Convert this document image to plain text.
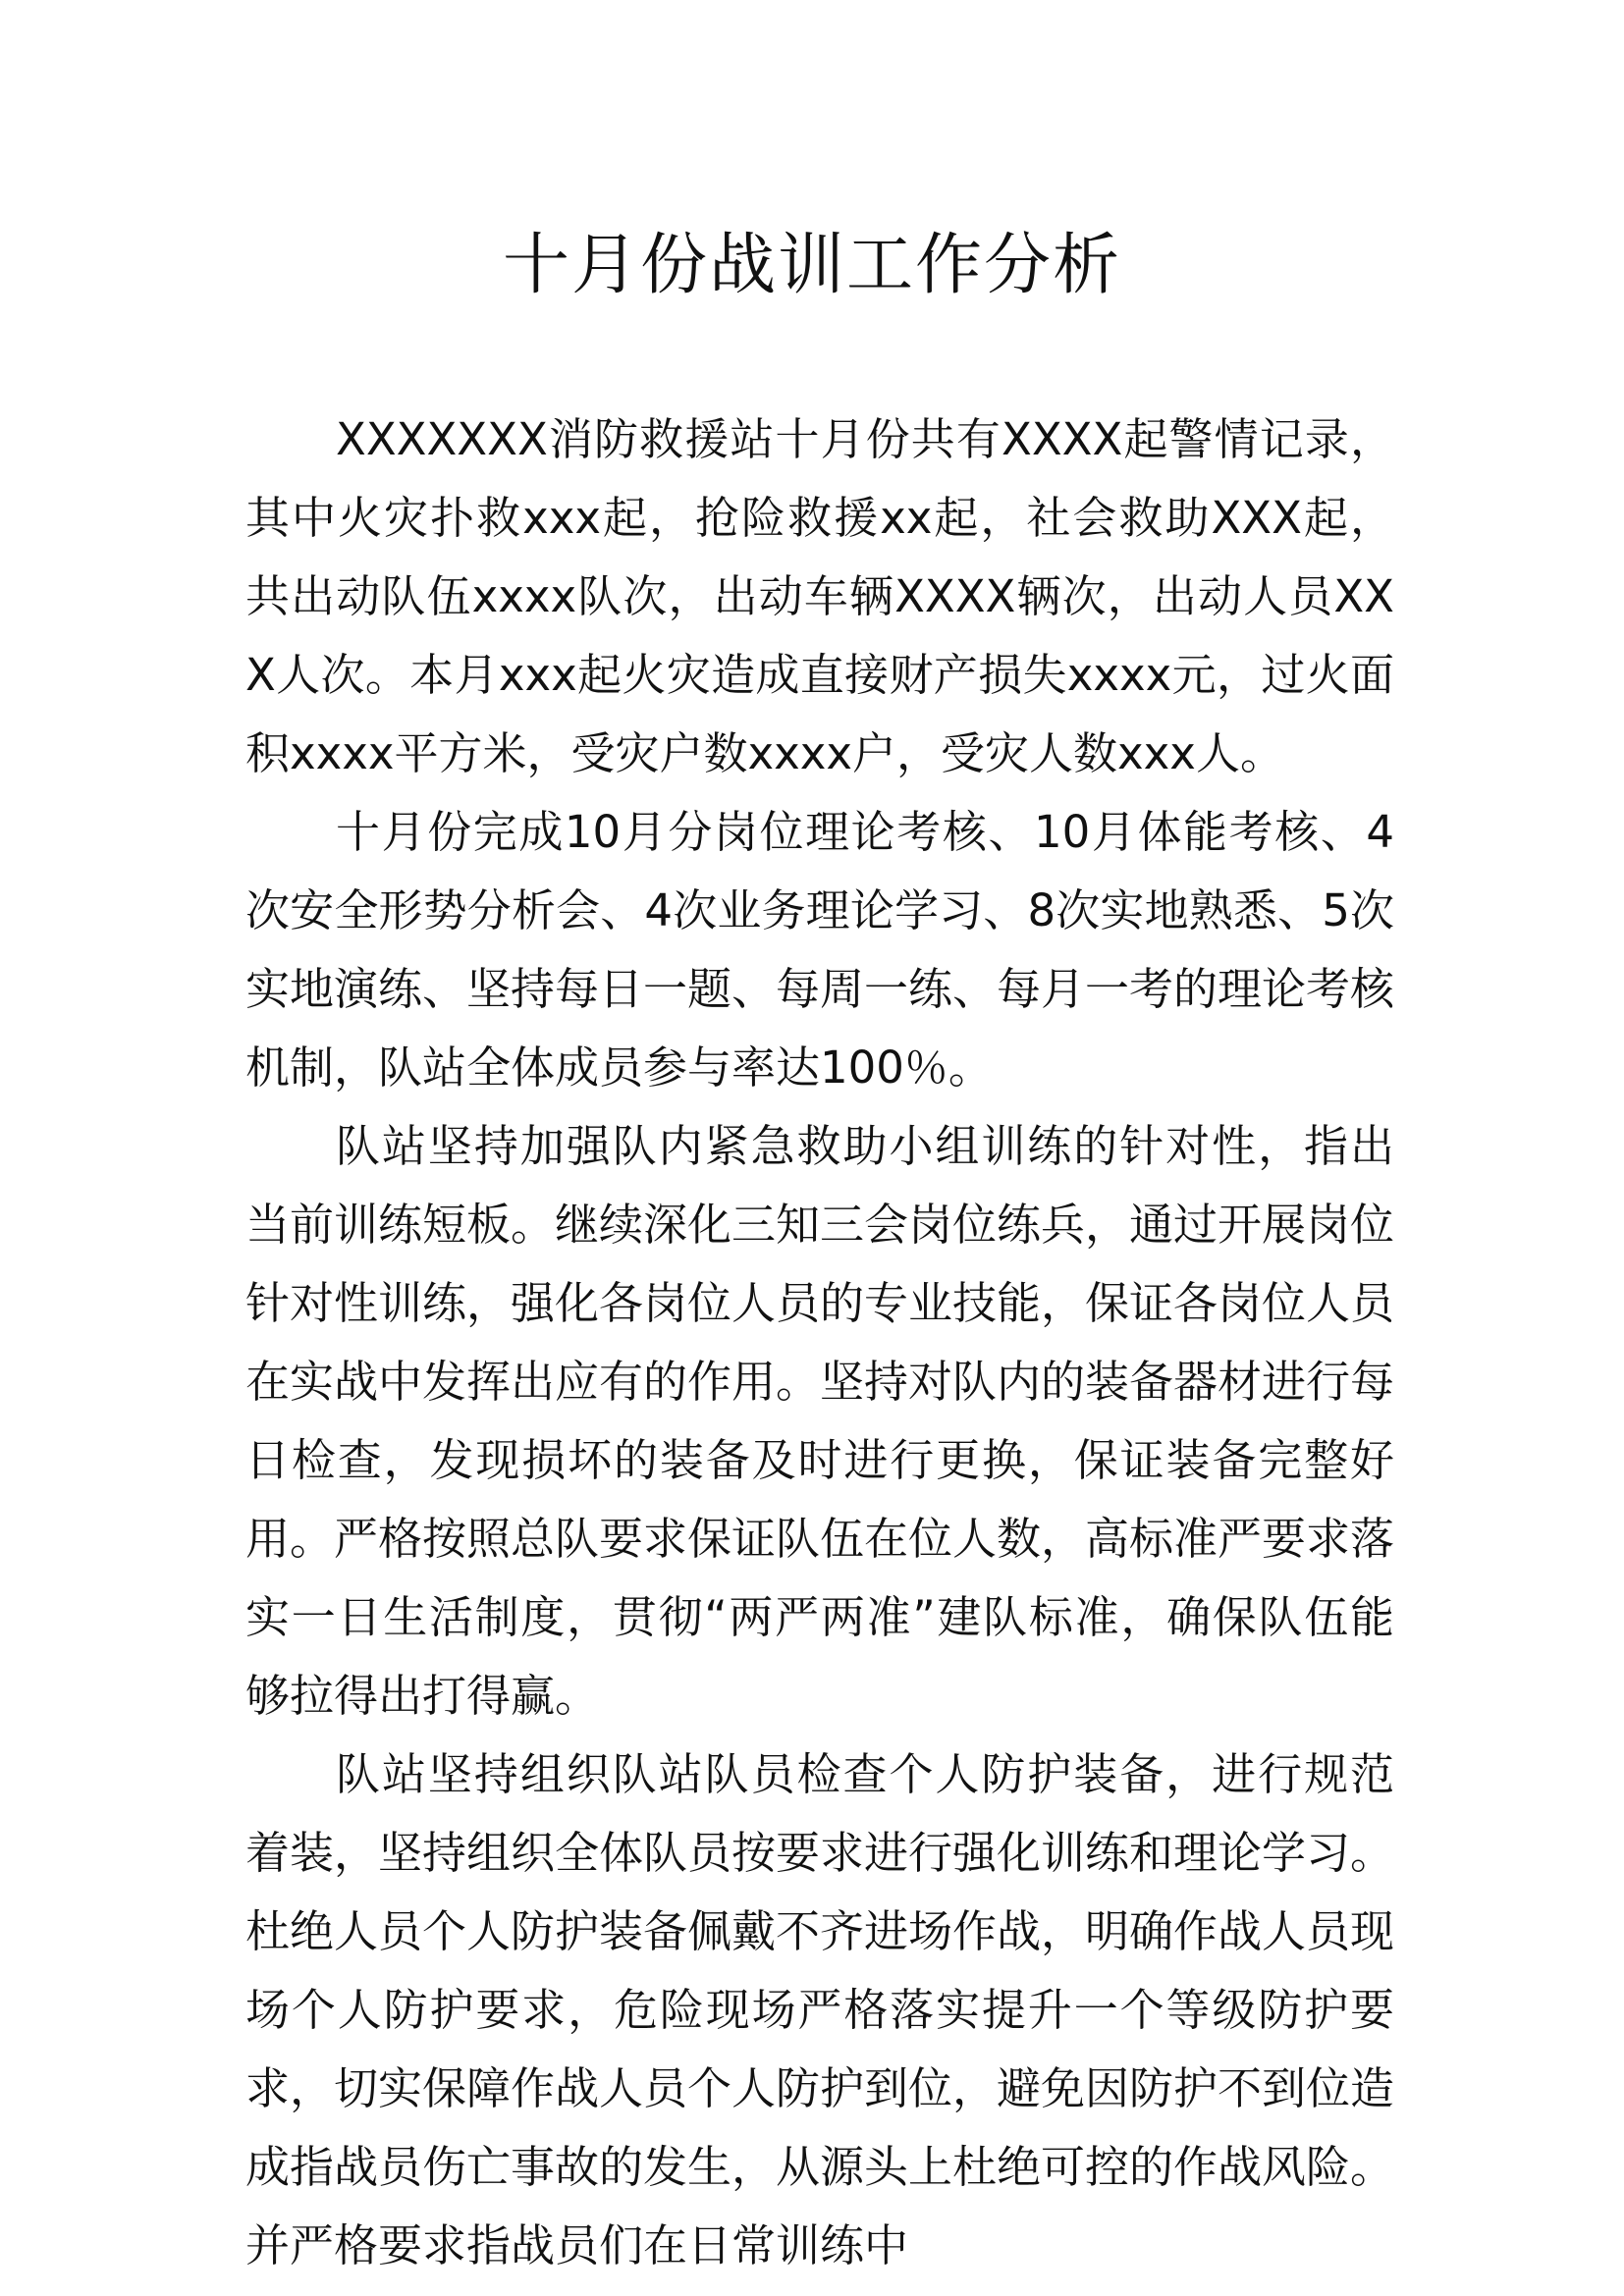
十月份战训工作分析

XXXXXXX消防救援站十月份共有XXXX起警情记录，其中火灾扑救xxx起，抢险救援xx起，社会救助XXX起，共出动队伍xxxx队次，出动车辆XXXX辆次，出动人员XXX人次。本月xxx起火灾造成直接财产损失xxxx元，过火面积xxxx平方米，受灾户数xxxx户，受灾人数xxx人。

十月份完成10月分岗位理论考核、10月体能考核、4次安全形势分析会、4次业务理论学习、8次实地熟悉、5次实地演练、坚持每日一题、每周一练、每月一考的理论考核机制，队站全体成员参与率达100％。

队站坚持加强队内紧急救助小组训练的针对性，指出当前训练短板。继续深化三知三会岗位练兵，通过开展岗位针对性训练，强化各岗位人员的专业技能，保证各岗位人员在实战中发挥出应有的作用。坚持对队内的装备器材进行每日检查，发现损坏的装备及时进行更换，保证装备完整好用。严格按照总队要求保证队伍在位人数，高标准严要求落实一日生活制度，贯彻“两严两准”建队标准，确保队伍能够拉得出打得赢。

队站坚持组织队站队员检查个人防护装备，进行规范着装，坚持组织全体队员按要求进行强化训练和理论学习。杜绝人员个人防护装备佩戴不齐进场作战，明确作战人员现场个人防护要求，危险现场严格落实提升一个等级防护要求，切实保障作战人员个人防护到位，避免因防护不到位造成指战员伤亡事故的发生，从源头上杜绝可控的作战风险。并严格要求指战员们在日常训练中
